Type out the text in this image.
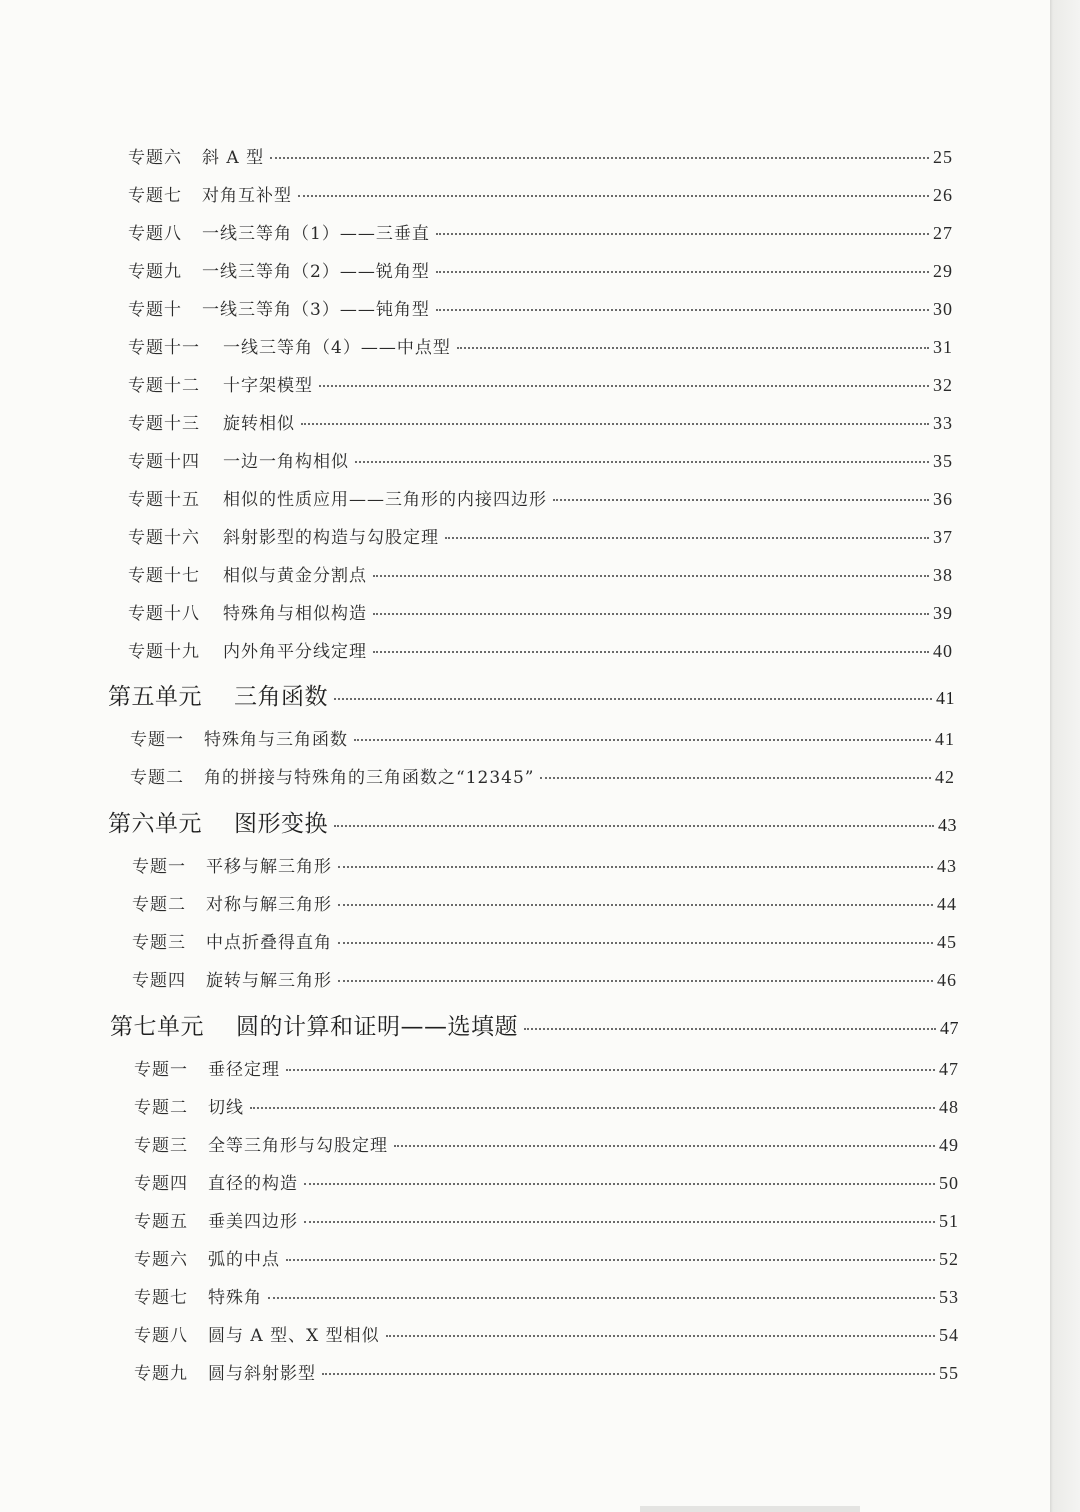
专题六	斜 A 型	25
专题七	对角互补型	26
专题八	一线三等角（1）——三垂直	27
专题九	一线三等角（2）——锐角型	29
专题十	一线三等角（3）——钝角型	30
专题十一	一线三等角（4）——中点型	31
专题十二	十字架模型	32
专题十三	旋转相似	33
专题十四	一边一角构相似	35
专题十五	相似的性质应用——三角形的内接四边形	36
专题十六	斜射影型的构造与勾股定理	37
专题十七	相似与黄金分割点	38
专题十八	特殊角与相似构造	39
专题十九	内外角平分线定理	40
第五单元	三角函数	41
专题一	特殊角与三角函数	41
专题二	角的拼接与特殊角的三角函数之“12345”	42
第六单元	图形变换	43
专题一	平移与解三角形	43
专题二	对称与解三角形	44
专题三	中点折叠得直角	45
专题四	旋转与解三角形	46
第七单元	圆的计算和证明——选填题	47
专题一	垂径定理	47
专题二	切线	48
专题三	全等三角形与勾股定理	49
专题四	直径的构造	50
专题五	垂美四边形	51
专题六	弧的中点	52
专题七	特殊角	53
专题八	圆与 A 型、X 型相似	54
专题九	圆与斜射影型	55
